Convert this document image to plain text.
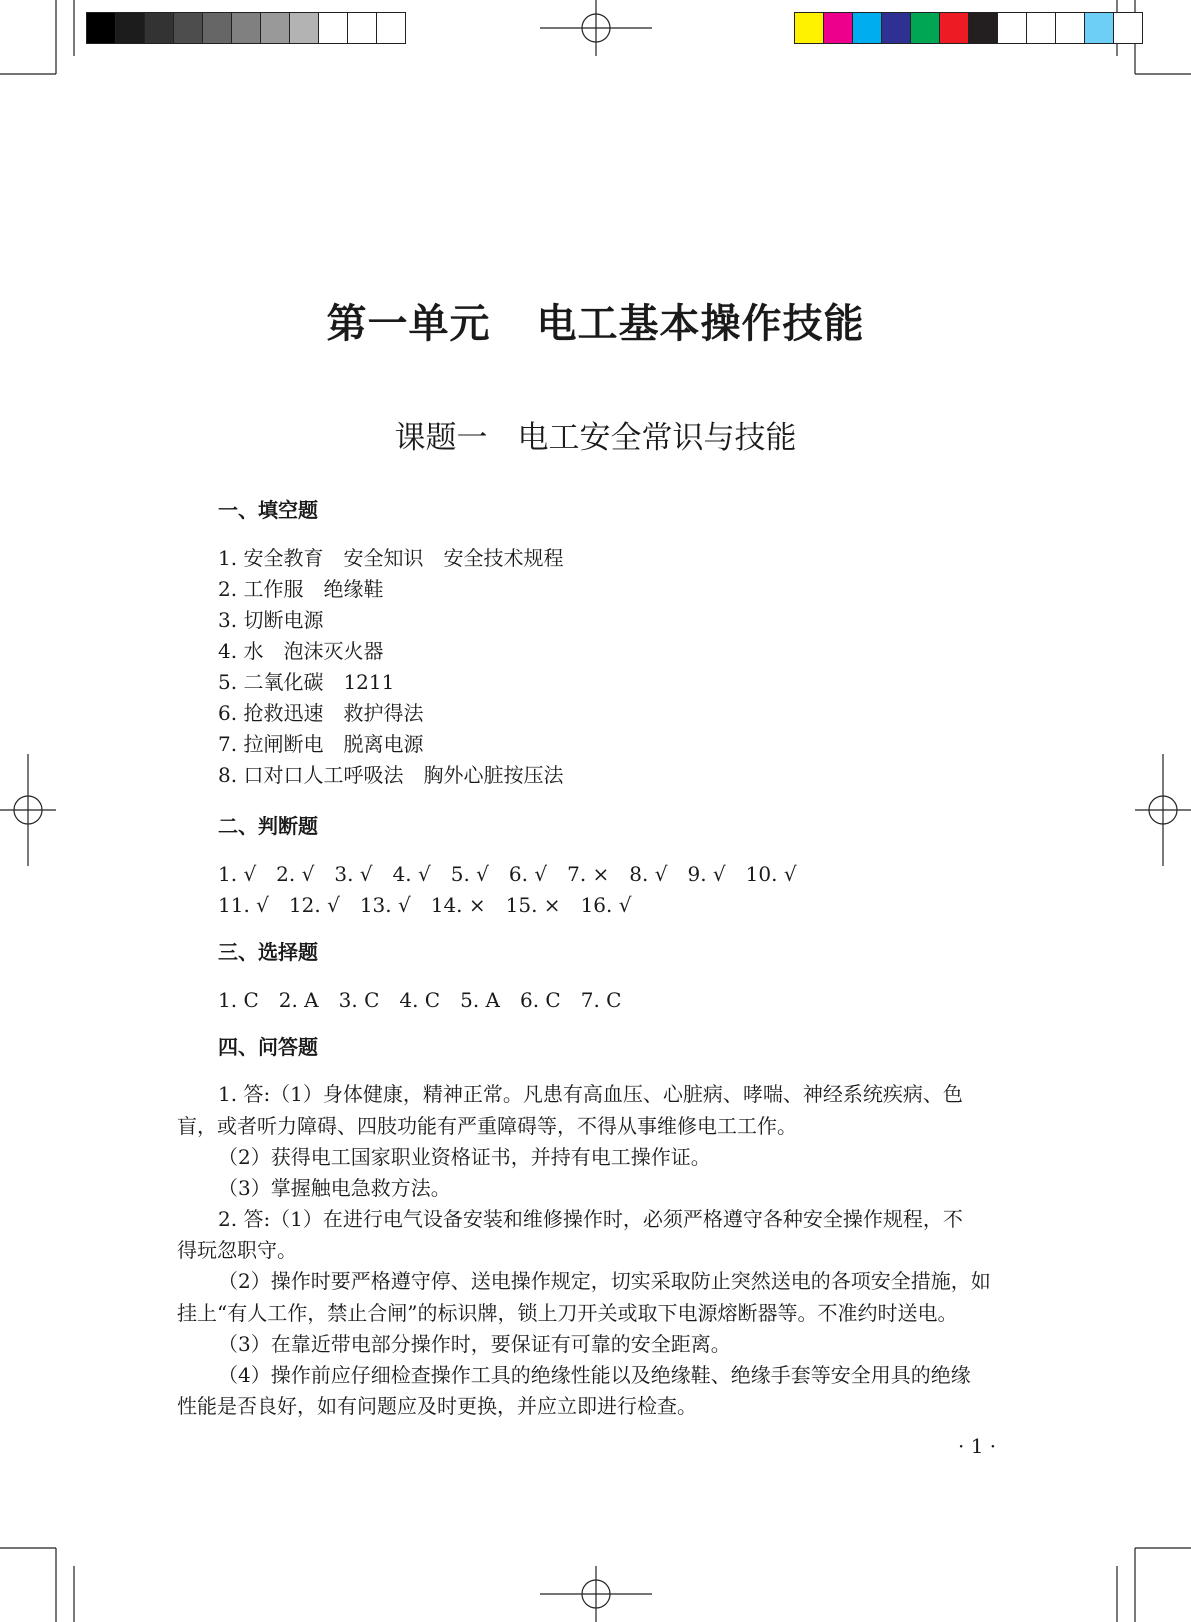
第一单元 电工基本操作技能
课题一 电工安全常识与技能
一、填空题
1. 安全教育　安全知识　安全技术规程
2. 工作服　绝缘鞋
3. 切断电源
4. 水　泡沫灭火器
5. 二氧化碳　1211
6. 抢救迅速　救护得法
7. 拉闸断电　脱离电源
8. 口对口人工呼吸法　胸外心脏按压法
二、判断题
1. √　2. √　3. √　4. √　5. √　6. √　7. ×　8. √　9. √　10. √
11. √　12. √　13. √　14. ×　15. ×　16. √
三、选择题
1. C　2. A　3. C　4. C　5. A　6. C　7. C
四、问答题
1. 答:（1）身体健康，精神正常。凡患有高血压、心脏病、哮喘、神经系统疾病、色
盲，或者听力障碍、四肢功能有严重障碍等，不得从事维修电工工作。
（2）获得电工国家职业资格证书，并持有电工操作证。
（3）掌握触电急救方法。
2. 答:（1）在进行电气设备安装和维修操作时，必须严格遵守各种安全操作规程，不
得玩忽职守。
（2）操作时要严格遵守停、送电操作规定，切实采取防止突然送电的各项安全措施，如
挂上“有人工作，禁止合闸”的标识牌，锁上刀开关或取下电源熔断器等。不准约时送电。
（3）在靠近带电部分操作时，要保证有可靠的安全距离。
（4）操作前应仔细检查操作工具的绝缘性能以及绝缘鞋、绝缘手套等安全用具的绝缘
性能是否良好，如有问题应及时更换，并应立即进行检查。
· 1 ·
